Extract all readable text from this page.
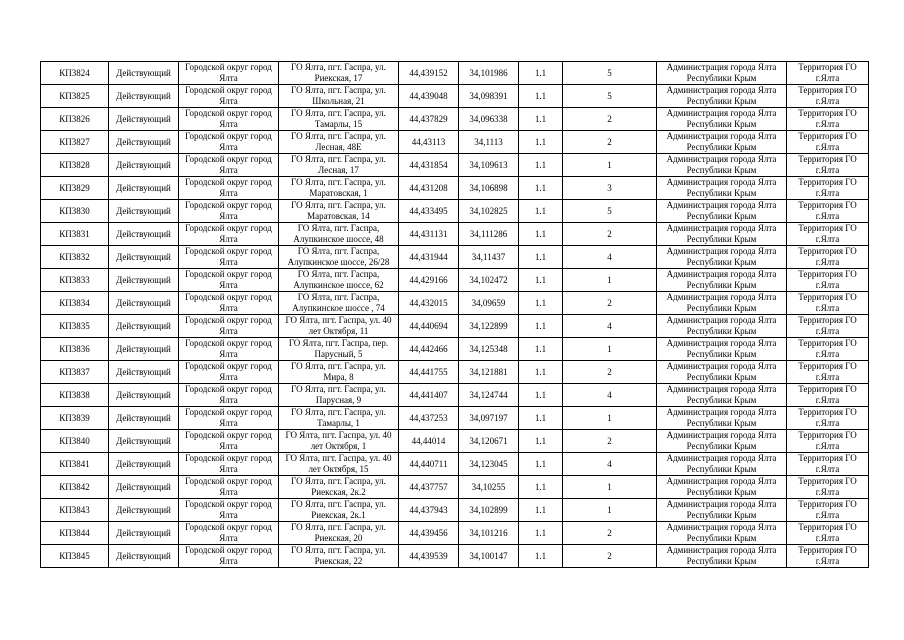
КП3824	Действующий	Городской округ город Ялта	ГО Ялта, пгт. Гаспра, ул. Риекская, 17	44,439152	34,101986	1.1	5	Администрация города Ялта Республики Крым	Территория ГО г.Ялта
КП3825	Действующий	Городской округ город Ялта	ГО Ялта, пгт. Гаспра, ул. Школьная, 21	44,439048	34,098391	1.1	5	Администрация города Ялта Республики Крым	Территория ГО г.Ялта
КП3826	Действующий	Городской округ город Ялта	ГО Ялта, пгт. Гаспра, ул. Тамарлы, 15	44,437829	34,096338	1.1	2	Администрация города Ялта Республики Крым	Территория ГО г.Ялта
КП3827	Действующий	Городской округ город Ялта	ГО Ялта, пгт. Гаспра, ул. Лесная, 48Е	44,43113	34,1113	1.1	2	Администрация города Ялта Республики Крым	Территория ГО г.Ялта
КП3828	Действующий	Городской округ город Ялта	ГО Ялта, пгт. Гаспра, ул. Лесная, 17	44,431854	34,109613	1.1	1	Администрация города Ялта Республики Крым	Территория ГО г.Ялта
КП3829	Действующий	Городской округ город Ялта	ГО Ялта, пгт. Гаспра, ул. Маратовская, 1	44,431208	34,106898	1.1	3	Администрация города Ялта Республики Крым	Территория ГО г.Ялта
КП3830	Действующий	Городской округ город Ялта	ГО Ялта, пгт. Гаспра, ул. Маратовская, 14	44,433495	34,102825	1.1	5	Администрация города Ялта Республики Крым	Территория ГО г.Ялта
КП3831	Действующий	Городской округ город Ялта	ГО Ялта, пгт. Гаспра, Алупкинское шоссе, 48	44,431131	34,111286	1.1	2	Администрация города Ялта Республики Крым	Территория ГО г.Ялта
КП3832	Действующий	Городской округ город Ялта	ГО Ялта, пгт. Гаспра, Алупкинское шоссе, 26/28	44,431944	34,11437	1.1	4	Администрация города Ялта Республики Крым	Территория ГО г.Ялта
КП3833	Действующий	Городской округ город Ялта	ГО Ялта, пгт. Гаспра, Алупкинское шоссе, 62	44,429166	34,102472	1.1	1	Администрация города Ялта Республики Крым	Территория ГО г.Ялта
КП3834	Действующий	Городской округ город Ялта	ГО Ялта, пгт. Гаспра, Алупкинское шоссе , 74	44,432015	34,09659	1.1	2	Администрация города Ялта Республики Крым	Территория ГО г.Ялта
КП3835	Действующий	Городской округ город Ялта	ГО Ялта, пгт. Гаспра, ул. 40 лет Октября, 11	44,440694	34,122899	1.1	4	Администрация города Ялта Республики Крым	Территория ГО г.Ялта
КП3836	Действующий	Городской округ город Ялта	ГО Ялта, пгт. Гаспра, пер. Парусный, 5	44,442466	34,125348	1.1	1	Администрация города Ялта Республики Крым	Территория ГО г.Ялта
КП3837	Действующий	Городской округ город Ялта	ГО Ялта, пгт. Гаспра, ул. Мира, 8	44,441755	34,121881	1.1	2	Администрация города Ялта Республики Крым	Территория ГО г.Ялта
КП3838	Действующий	Городской округ город Ялта	ГО Ялта, пгт. Гаспра, ул. Парусная, 9	44,441407	34,124744	1.1	4	Администрация города Ялта Республики Крым	Территория ГО г.Ялта
КП3839	Действующий	Городской округ город Ялта	ГО Ялта, пгт. Гаспра, ул. Тамарлы, 1	44,437253	34,097197	1.1	1	Администрация города Ялта Республики Крым	Территория ГО г.Ялта
КП3840	Действующий	Городской округ город Ялта	ГО Ялта, пгт. Гаспра, ул. 40 лет Октября, 1	44,44014	34,120671	1.1	2	Администрация города Ялта Республики Крым	Территория ГО г.Ялта
КП3841	Действующий	Городской округ город Ялта	ГО Ялта, пгт. Гаспра, ул. 40 лет Октября, 15	44,440711	34,123045	1.1	4	Администрация города Ялта Республики Крым	Территория ГО г.Ялта
КП3842	Действующий	Городской округ город Ялта	ГО Ялта, пгт. Гаспра, ул. Риекская, 2к.2	44,437757	34,10255	1.1	1	Администрация города Ялта Республики Крым	Территория ГО г.Ялта
КП3843	Действующий	Городской округ город Ялта	ГО Ялта, пгт. Гаспра, ул. Риекская, 2к.1	44,437943	34,102899	1.1	1	Администрация города Ялта Республики Крым	Территория ГО г.Ялта
КП3844	Действующий	Городской округ город Ялта	ГО Ялта, пгт. Гаспра, ул. Риекская, 20	44,439456	34,101216	1.1	2	Администрация города Ялта Республики Крым	Территория ГО г.Ялта
КП3845	Действующий	Городской округ город Ялта	ГО Ялта, пгт. Гаспра, ул. Риекская, 22	44,439539	34,100147	1.1	2	Администрация города Ялта Республики Крым	Территория ГО г.Ялта
